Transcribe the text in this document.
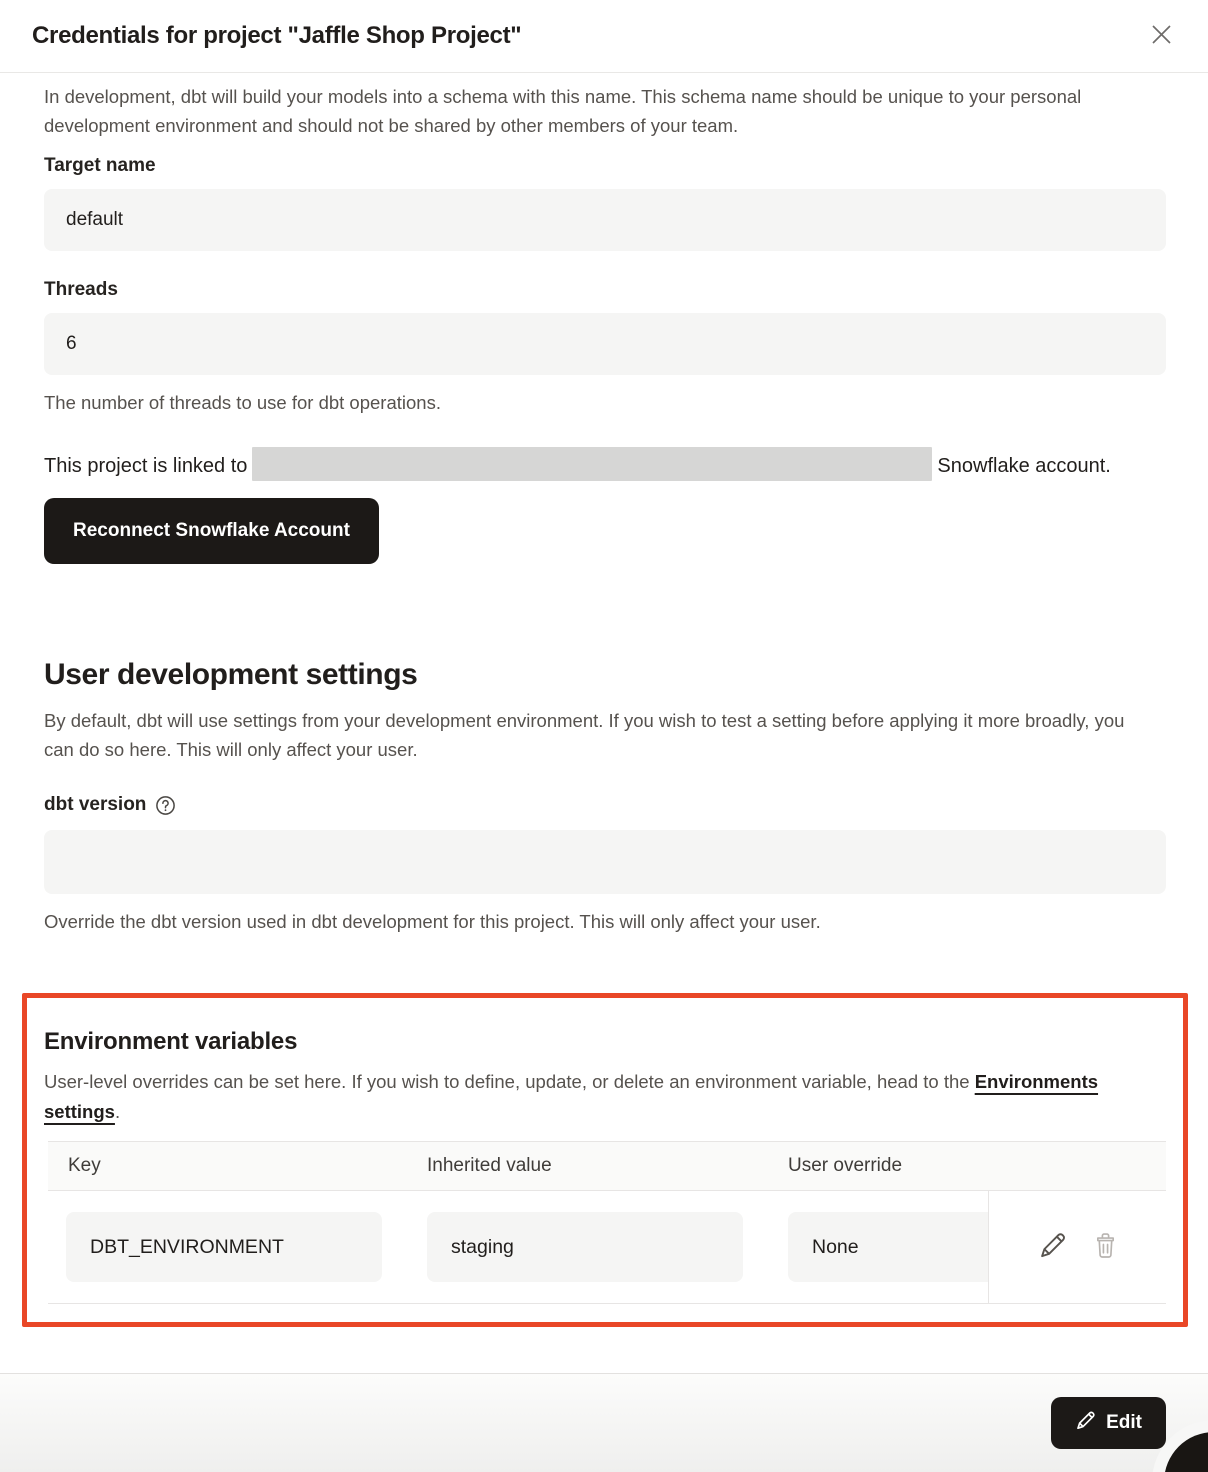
Credentials for project "Jaffle Shop Project"

In development, dbt will build your models into a schema with this name. This schema name should be unique to your personal development environment and should not be shared by other members of your team.

Target name
default
Threads
6
The number of threads to use for dbt operations.

This project is linked to	Snowflake account.

Reconnect Snowflake Account
User development settings

By default, dbt will use settings from your development environment. If you wish to test a setting before applying it more broadly, you can do so here. This will only affect your user.

dbt version
Override the dbt version used in dbt development for this project. This will only affect your user.
Environment variables

User-level overrides can be set here. If you wish to define, update, or delete an environment variable, head to the Environments settings.

Key	Inherited value	User override
DBT_ENVIRONMENT	staging	None
Edit
